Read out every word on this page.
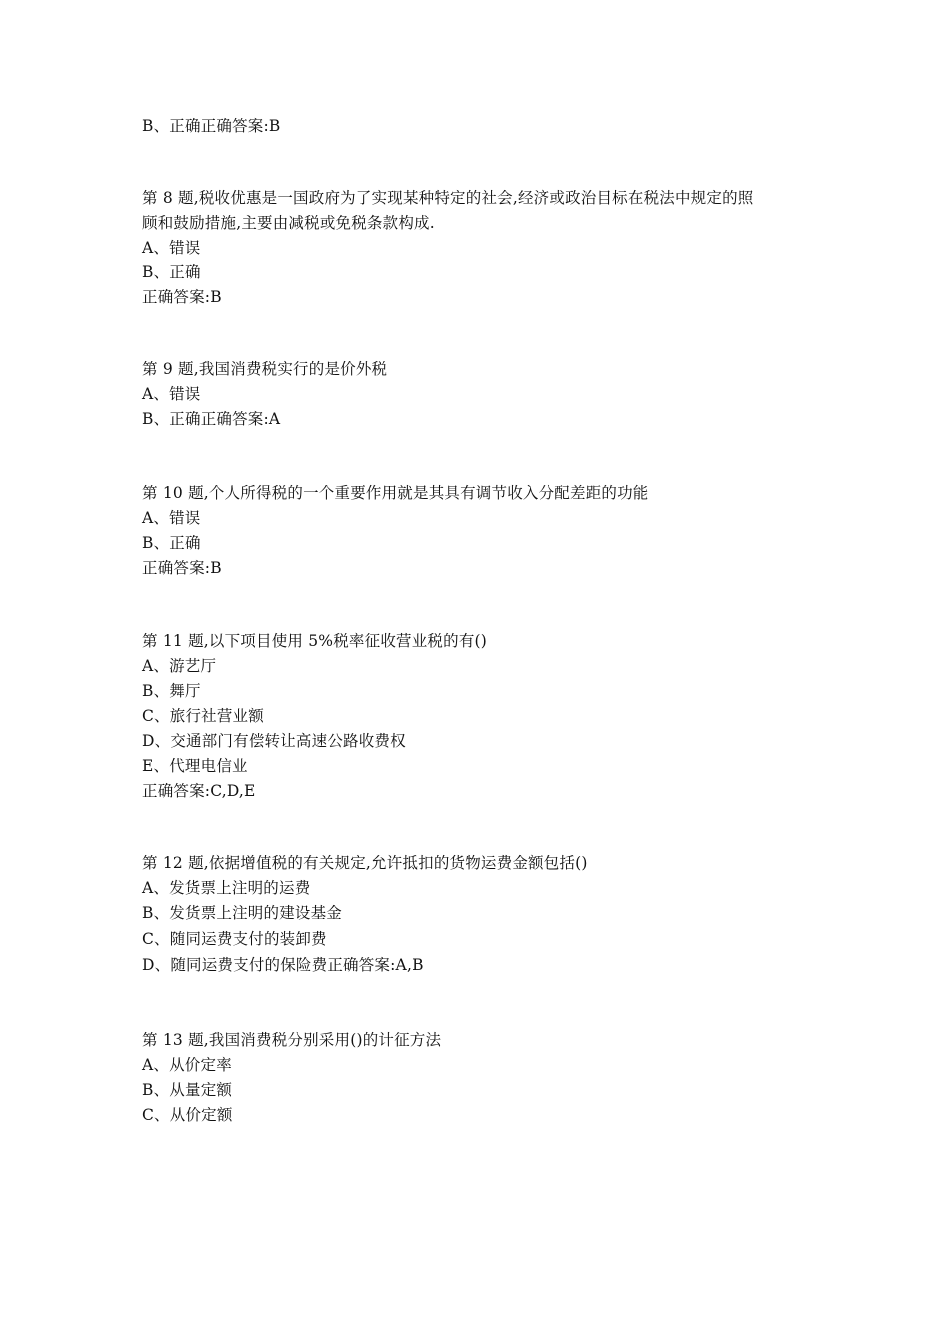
B、正确正确答案:B
第 8 题,税收优惠是一国政府为了实现某种特定的社会,经济或政治目标在税法中规定的照
顾和鼓励措施,主要由减税或免税条款构成.
A、错误
B、正确
正确答案:B
第 9 题,我国消费税实行的是价外税
A、错误
B、正确正确答案:A
第 10 题,个人所得税的一个重要作用就是其具有调节收入分配差距的功能
A、错误
B、正确
正确答案:B
第 11 题,以下项目使用 5%税率征收营业税的有()
A、游艺厅
B、舞厅
C、旅行社营业额
D、交通部门有偿转让高速公路收费权
E、代理电信业
正确答案:C,D,E
第 12 题,依据增值税的有关规定,允许抵扣的货物运费金额包括()
A、发货票上注明的运费
B、发货票上注明的建设基金
C、随同运费支付的装卸费
D、随同运费支付的保险费正确答案:A,B
第 13 题,我国消费税分别采用()的计征方法
A、从价定率
B、从量定额
C、从价定额
